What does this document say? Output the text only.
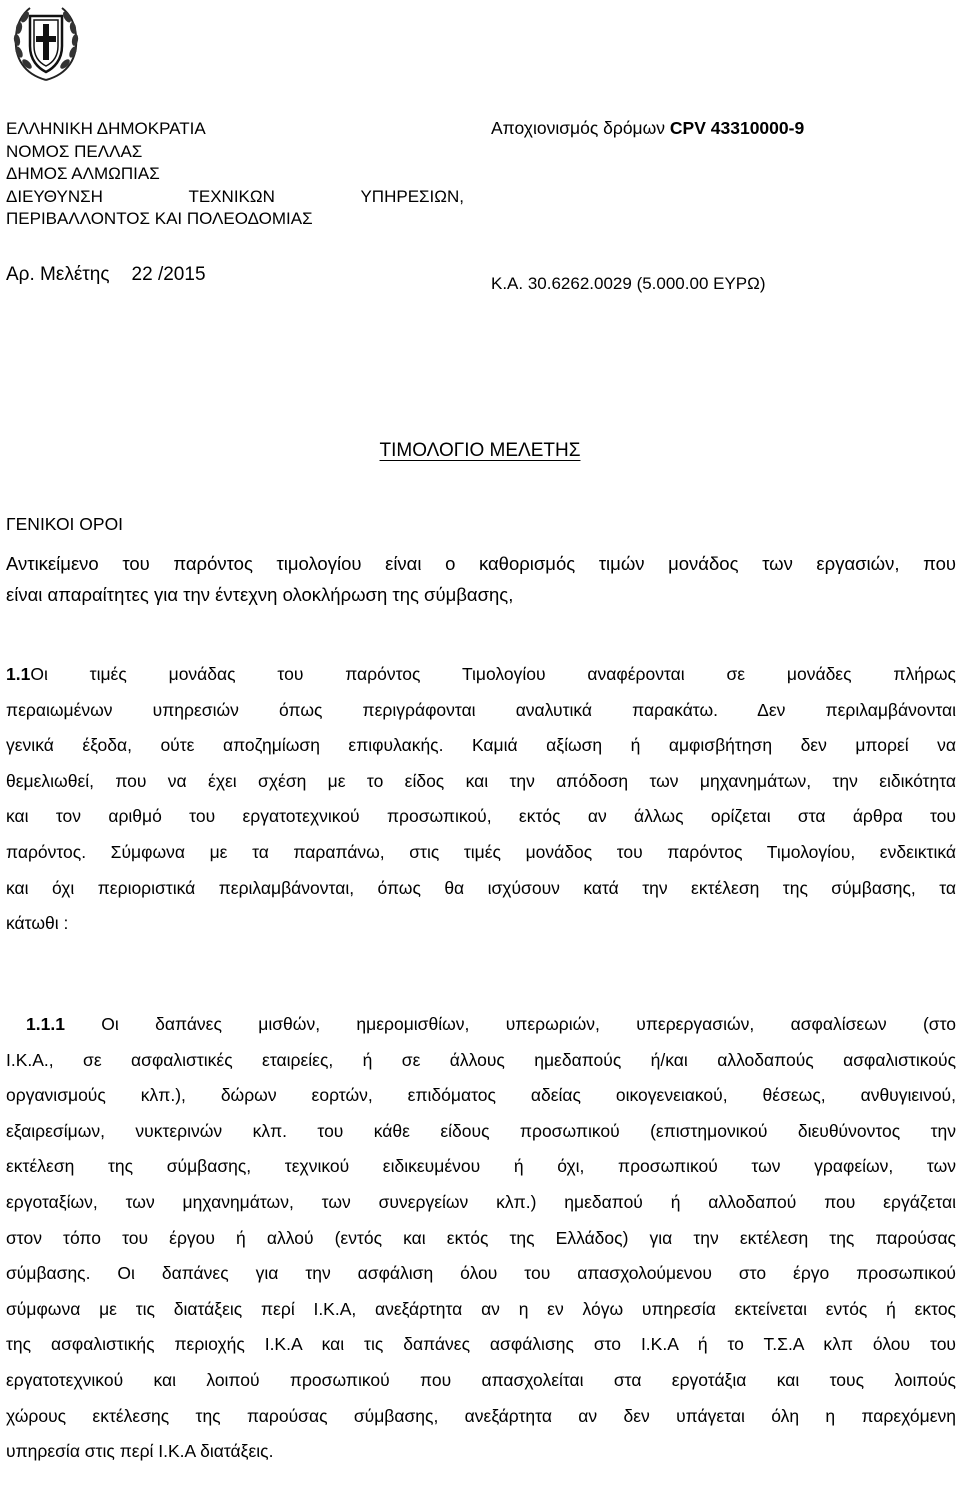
ΕΛΛΗΝΙΚΗ ΔΗΜΟΚΡΑΤΙΑ
ΝΟΜΟΣ ΠΕΛΛΑΣ
ΔΗΜΟΣ ΑΛΜΩΠΙΑΣ
ΔΙΕΥΘΥΝΣΗ	ΤΕΧΝΙΚΩΝ	ΥΠΗΡΕΣΙΩΝ,
ΠΕΡΙΒΑΛΛΟΝΤΟΣ ΚΑΙ ΠΟΛΕΟΔΟΜΙΑΣ
Αρ. Μελέτης 22 /2015
Αποχιονισμός δρόμων CPV 43310000-9
Κ.Α. 30.6262.0029 (5.000.00 ΕΥΡΩ)
ΤΙΜΟΛΟΓΙΟ ΜΕΛΕΤΗΣ
ΓΕΝΙΚΟΙ ΟΡΟΙ
Αντικείμενο του παρόντος τιμολογίου είναι ο καθορισμός τιμών μονάδος των εργασιών, που
είναι απαραίτητες για την έντεχνη ολοκλήρωση της σύμβασης,
1.1Οι τιμές μονάδας του παρόντος Τιμολογίου αναφέρονται σε μονάδες πλήρως
περαιωμένων υπηρεσιών όπως περιγράφονται αναλυτικά παρακάτω. Δεν περιλαμβάνονται
γενικά έξοδα, ούτε αποζημίωση επιφυλακής. Καμιά αξίωση ή αμφισβήτηση δεν μπορεί να
θεμελιωθεί, που να έχει σχέση με το είδος και την απόδοση των μηχανημάτων, την ειδικότητα
και τον αριθμό του εργατοτεχνικού προσωπικού, εκτός αν άλλως ορίζεται στα άρθρα του
παρόντος. Σύμφωνα με τα παραπάνω, στις τιμές μονάδος του παρόντος Τιμολογίου, ενδεικτικά
και όχι περιοριστικά περιλαμβάνονται, όπως θα ισχύσουν κατά την εκτέλεση της σύμβασης, τα
κάτωθι :
1.1.1 Οι δαπάνες μισθών, ημερομισθίων, υπερωριών, υπερεργασιών, ασφαλίσεων (στο
Ι.Κ.Α., σε ασφαλιστικές εταιρείες, ή σε άλλους ημεδαπούς ή/και αλλοδαπούς ασφαλιστικούς
οργανισμούς κλπ.), δώρων εορτών, επιδόματος αδείας οικογενειακού, θέσεως, ανθυγιεινού,
εξαιρεσίμων, νυκτερινών κλπ. του κάθε είδους προσωπικού (επιστημονικού διευθύνοντος την
εκτέλεση της σύμβασης, τεχνικού ειδικευμένου ή όχι, προσωπικού των γραφείων, των
εργοταξίων, των μηχανημάτων, των συνεργείων κλπ.) ημεδαπού ή αλλοδαπού που εργάζεται
στον τόπο του έργου ή αλλού (εντός και εκτός της Ελλάδος) για την εκτέλεση της παρούσας
σύμβασης. Οι δαπάνες για την ασφάλιση όλου του απασχολούμενου στο έργο προσωπικού
σύμφωνα με τις διατάξεις περί Ι.Κ.Α, ανεξάρτητα αν η εν λόγω υπηρεσία εκτείνεται εντός ή εκτος
της ασφαλιστικής περιοχής Ι.Κ.Α και τις δαπάνες ασφάλισης στο Ι.Κ.Α ή το Τ.Σ.Α κλπ όλου του
εργατοτεχνικού και λοιπού προσωπικού που απασχολείται στα εργοτάξια και τους λοιπούς
χώρους εκτέλεσης της παρούσας σύμβασης, ανεξάρτητα αν δεν υπάγεται όλη η παρεχόμενη
υπηρεσία στις περί Ι.Κ.Α διατάξεις.
